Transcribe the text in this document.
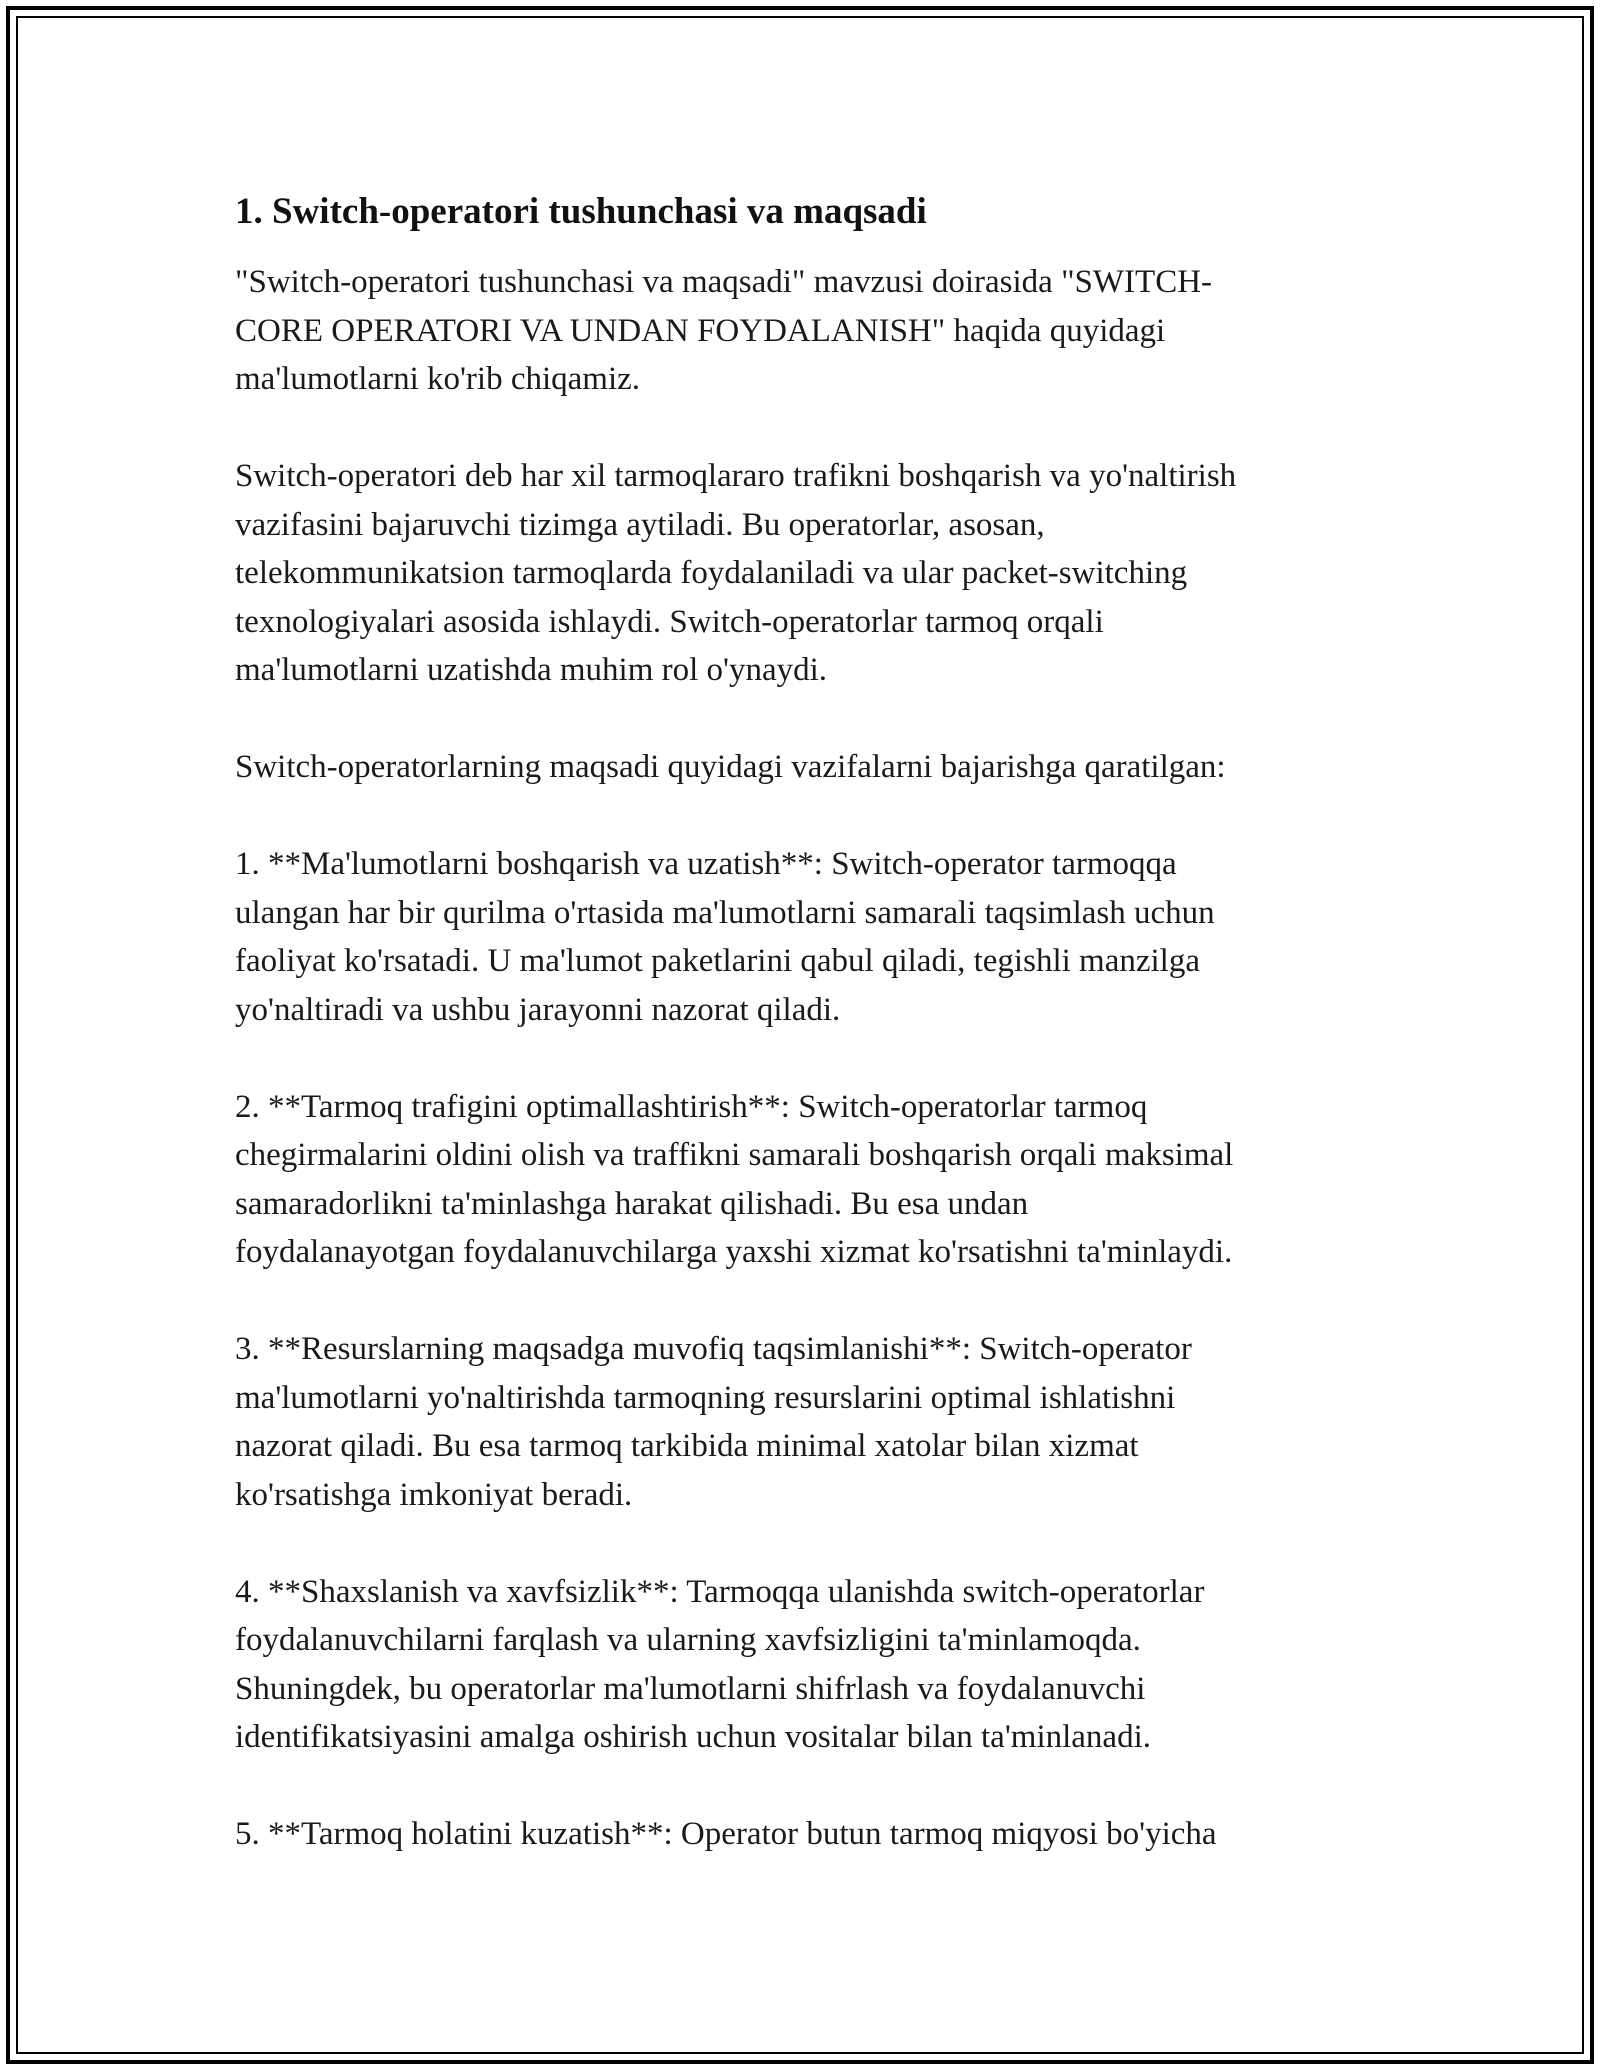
1. Switch-operatori tushunchasi va maqsadi

"Switch-operatori tushunchasi va maqsadi" mavzusi doirasida "SWITCH-
CORE OPERATORI VA UNDAN FOYDALANISH" haqida quyidagi
ma'lumotlarni ko'rib chiqamiz.

Switch-operatori deb har xil tarmoqlararo trafikni boshqarish va yo'naltirish
vazifasini bajaruvchi tizimga aytiladi. Bu operatorlar, asosan,
telekommunikatsion tarmoqlarda foydalaniladi va ular packet-switching
texnologiyalari asosida ishlaydi. Switch-operatorlar tarmoq orqali
ma'lumotlarni uzatishda muhim rol o'ynaydi.

Switch-operatorlarning maqsadi quyidagi vazifalarni bajarishga qaratilgan:

1. **Ma'lumotlarni boshqarish va uzatish**: Switch-operator tarmoqqa
ulangan har bir qurilma o'rtasida ma'lumotlarni samarali taqsimlash uchun
faoliyat ko'rsatadi. U ma'lumot paketlarini qabul qiladi, tegishli manzilga
yo'naltiradi va ushbu jarayonni nazorat qiladi.

2. **Tarmoq trafigini optimallashtirish**: Switch-operatorlar tarmoq
chegirmalarini oldini olish va traffikni samarali boshqarish orqali maksimal
samaradorlikni ta'minlashga harakat qilishadi. Bu esa undan
foydalanayotgan foydalanuvchilarga yaxshi xizmat ko'rsatishni ta'minlaydi.

3. **Resurslarning maqsadga muvofiq taqsimlanishi**: Switch-operator
ma'lumotlarni yo'naltirishda tarmoqning resurslarini optimal ishlatishni
nazorat qiladi. Bu esa tarmoq tarkibida minimal xatolar bilan xizmat
ko'rsatishga imkoniyat beradi.

4. **Shaxslanish va xavfsizlik**: Tarmoqqa ulanishda switch-operatorlar
foydalanuvchilarni farqlash va ularning xavfsizligini ta'minlamoqda.
Shuningdek, bu operatorlar ma'lumotlarni shifrlash va foydalanuvchi
identifikatsiyasini amalga oshirish uchun vositalar bilan ta'minlanadi.

5. **Tarmoq holatini kuzatish**: Operator butun tarmoq miqyosi bo'yicha
